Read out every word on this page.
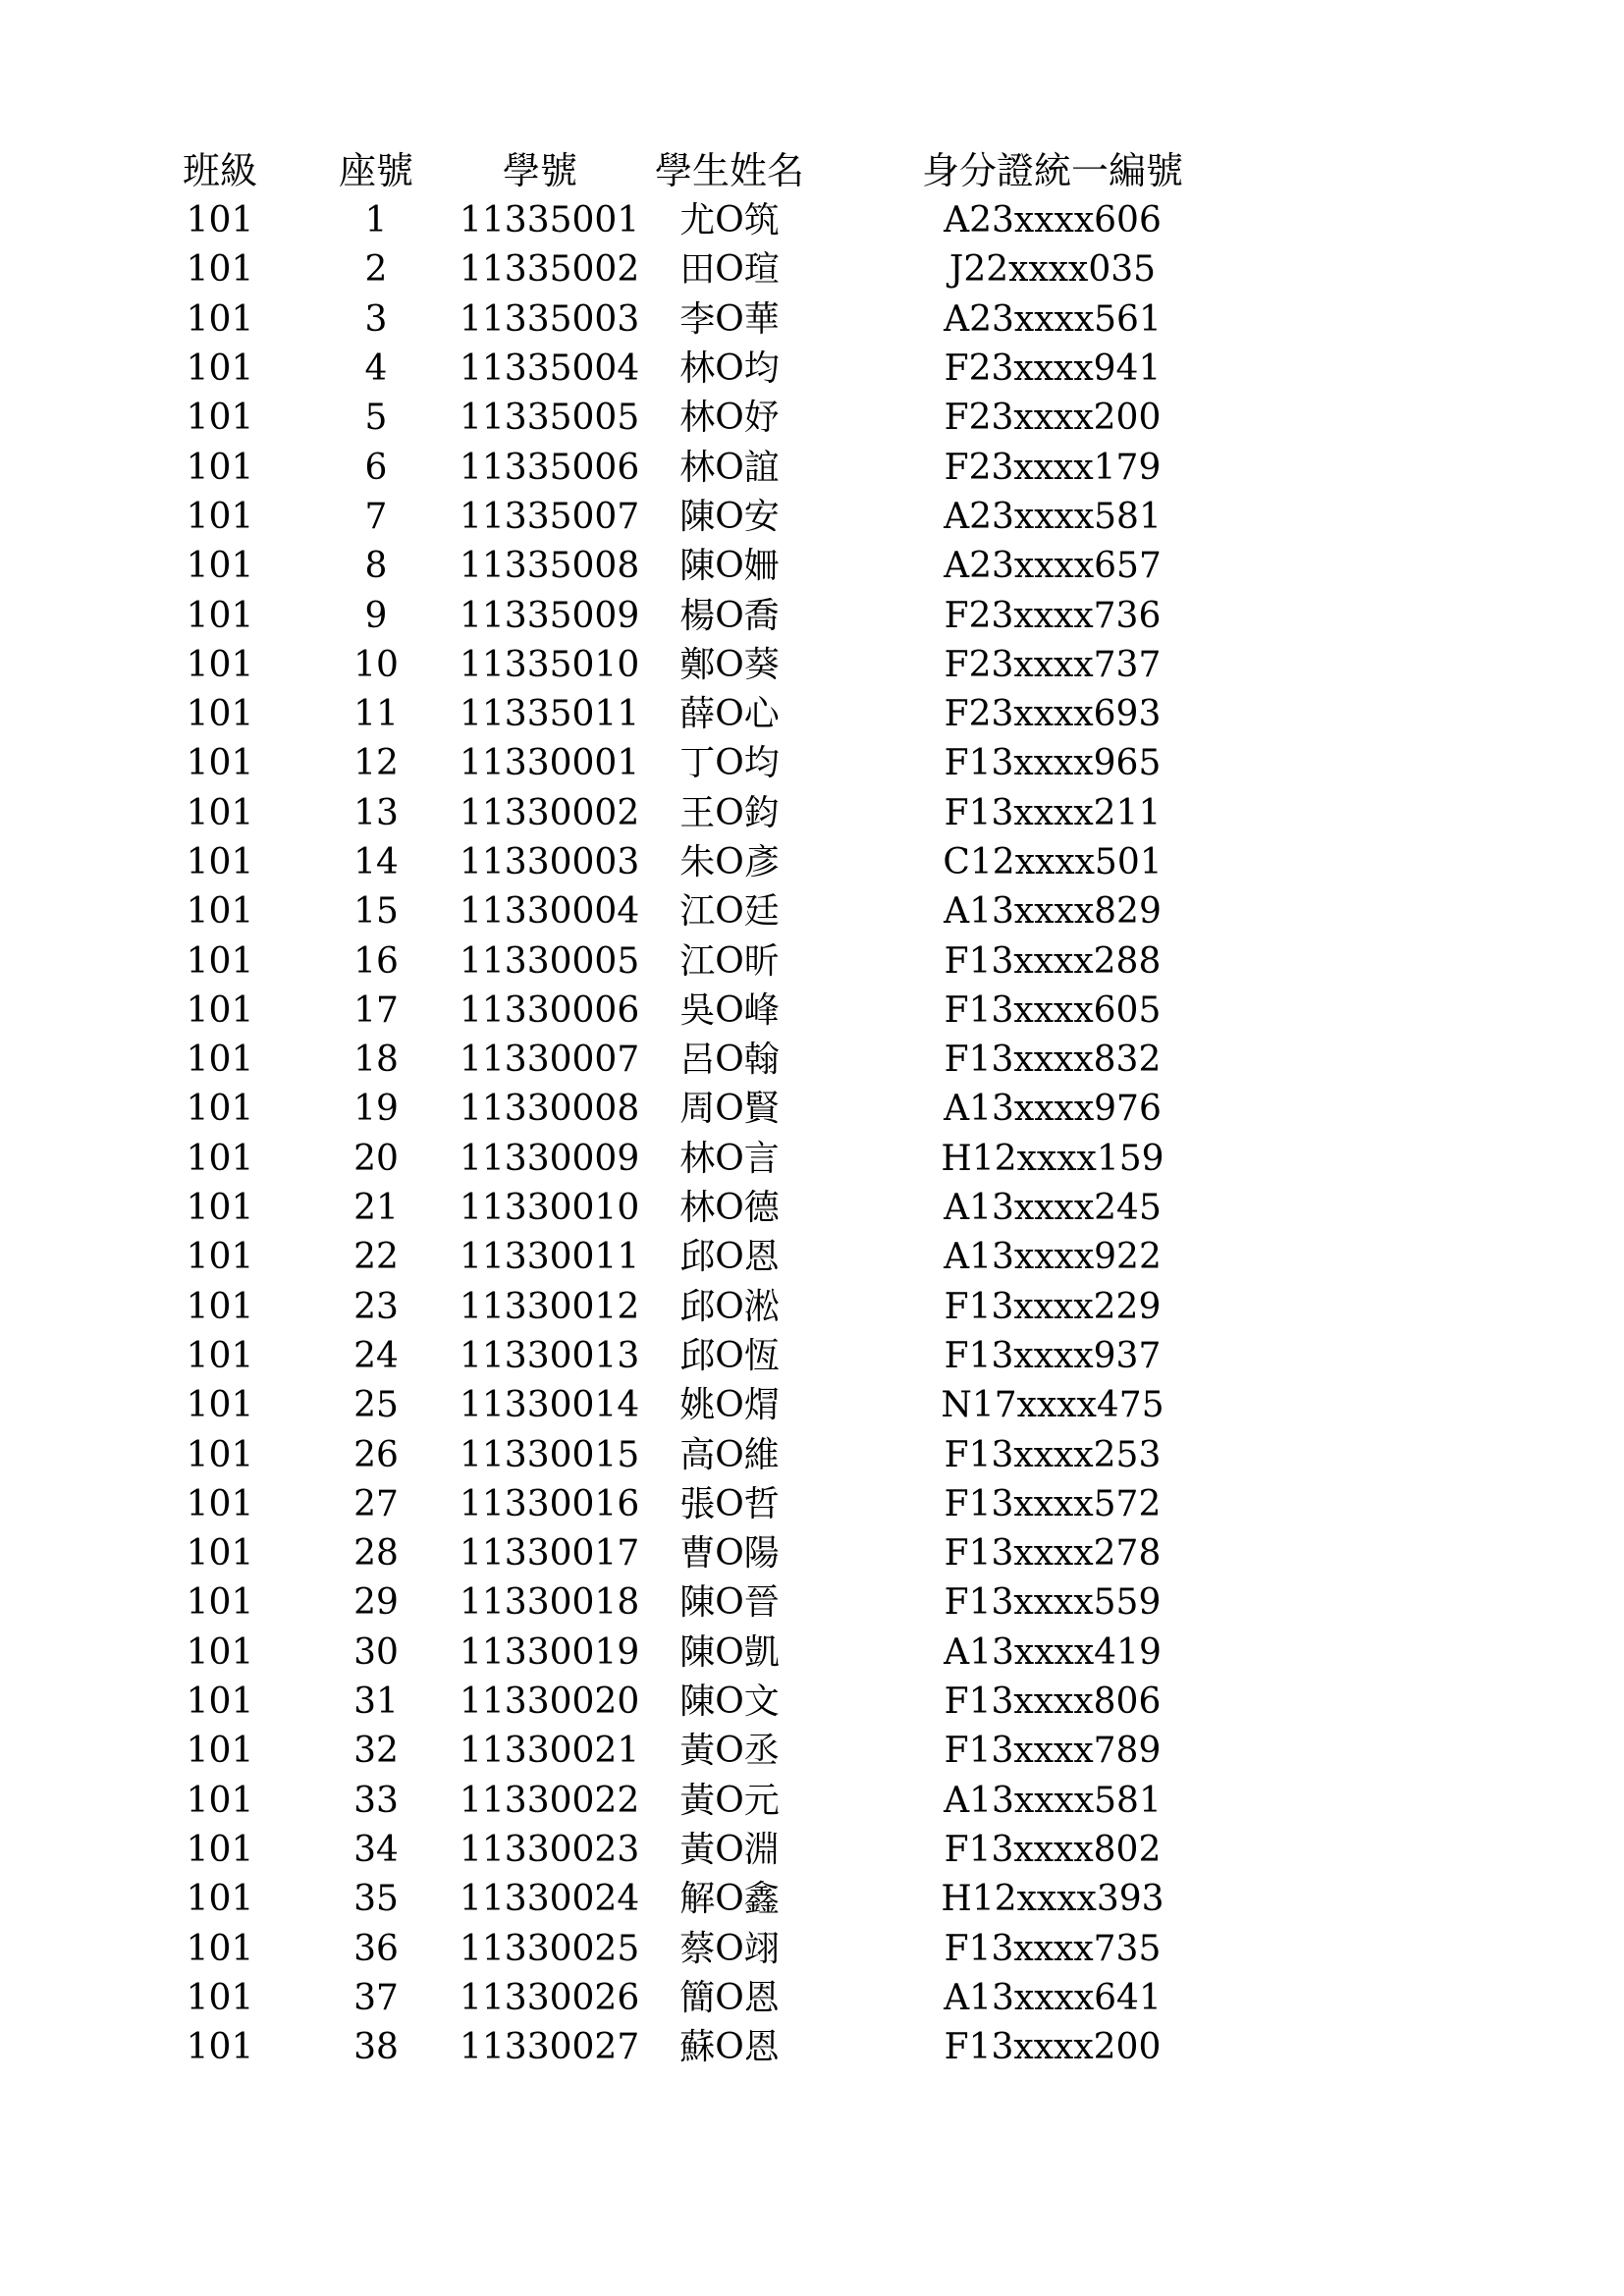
班級	座號	學號	學生姓名	身分證統一編號
101	1	11335001	尤O筑	A23xxxx606
101	2	11335002	田O瑄	J22xxxx035
101	3	11335003	李O華	A23xxxx561
101	4	11335004	林O均	F23xxxx941
101	5	11335005	林O妤	F23xxxx200
101	6	11335006	林O誼	F23xxxx179
101	7	11335007	陳O安	A23xxxx581
101	8	11335008	陳O姍	A23xxxx657
101	9	11335009	楊O喬	F23xxxx736
101	10	11335010	鄭O葵	F23xxxx737
101	11	11335011	薛O心	F23xxxx693
101	12	11330001	丁O均	F13xxxx965
101	13	11330002	王O鈞	F13xxxx211
101	14	11330003	朱O彥	C12xxxx501
101	15	11330004	江O廷	A13xxxx829
101	16	11330005	江O昕	F13xxxx288
101	17	11330006	吳O峰	F13xxxx605
101	18	11330007	呂O翰	F13xxxx832
101	19	11330008	周O賢	A13xxxx976
101	20	11330009	林O言	H12xxxx159
101	21	11330010	林O德	A13xxxx245
101	22	11330011	邱O恩	A13xxxx922
101	23	11330012	邱O淞	F13xxxx229
101	24	11330013	邱O恆	F13xxxx937
101	25	11330014	姚O焨	N17xxxx475
101	26	11330015	高O維	F13xxxx253
101	27	11330016	張O哲	F13xxxx572
101	28	11330017	曹O陽	F13xxxx278
101	29	11330018	陳O晉	F13xxxx559
101	30	11330019	陳O凱	A13xxxx419
101	31	11330020	陳O文	F13xxxx806
101	32	11330021	黃O丞	F13xxxx789
101	33	11330022	黃O元	A13xxxx581
101	34	11330023	黃O淵	F13xxxx802
101	35	11330024	解O鑫	H12xxxx393
101	36	11330025	蔡O翊	F13xxxx735
101	37	11330026	簡O恩	A13xxxx641
101	38	11330027	蘇O恩	F13xxxx200
